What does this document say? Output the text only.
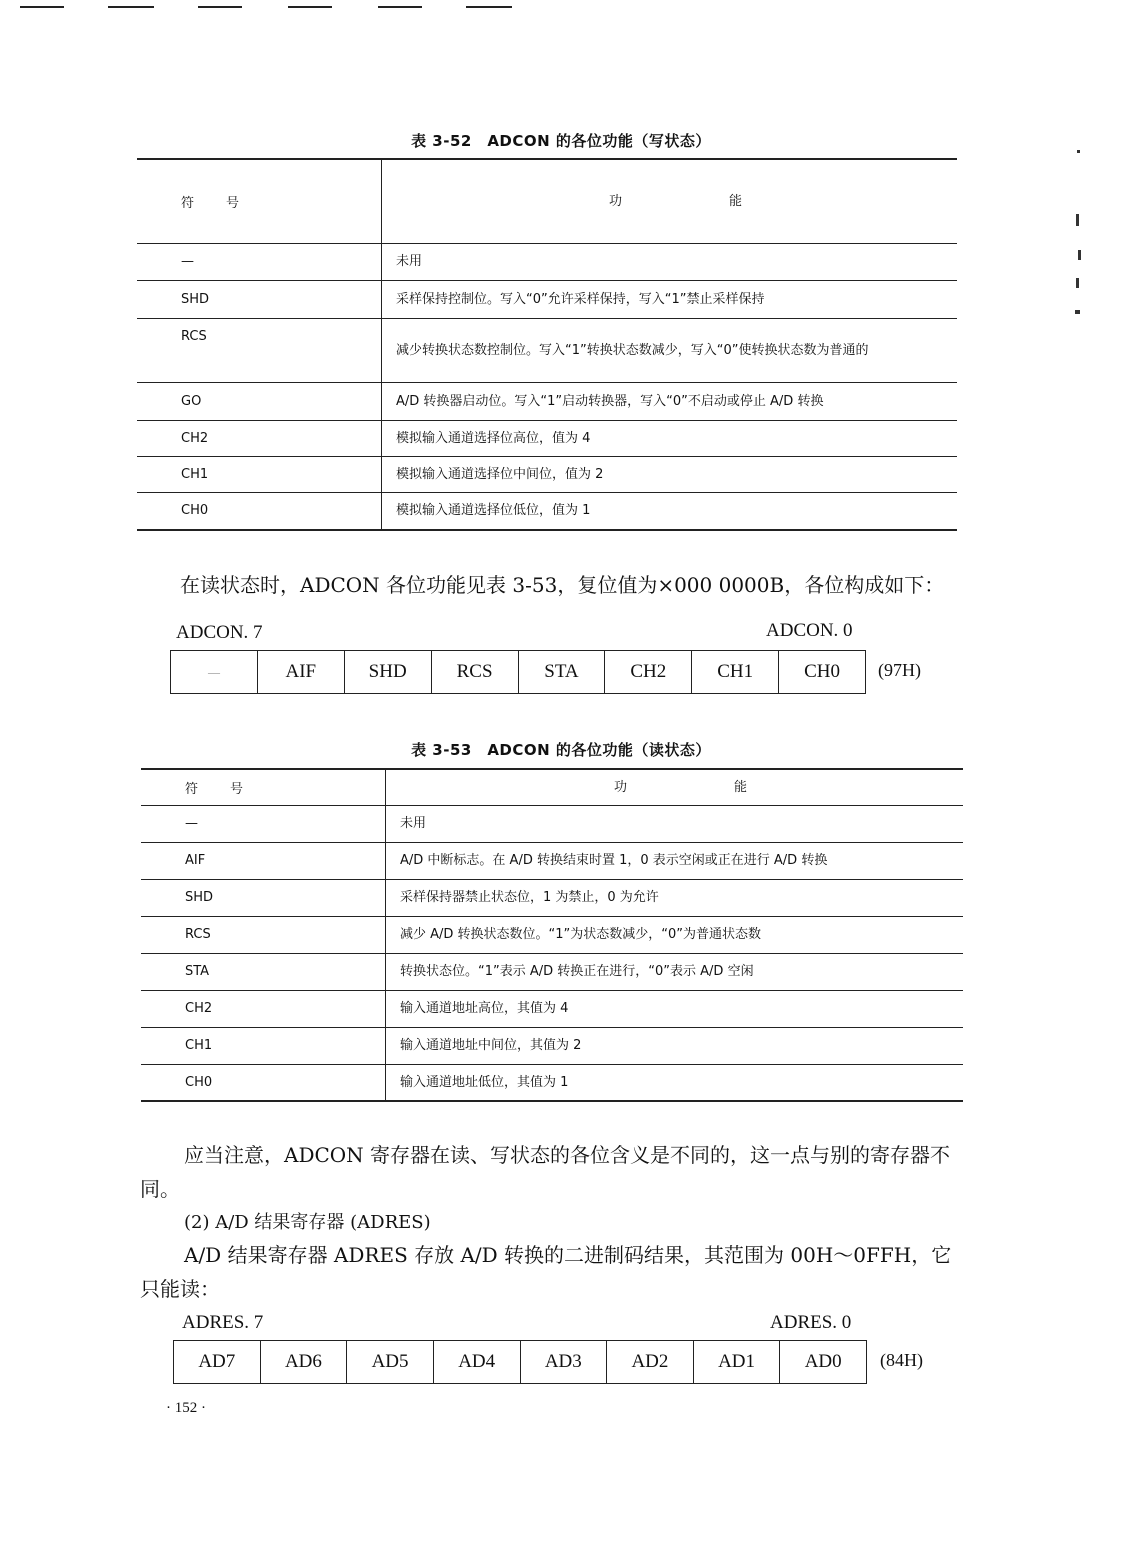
表 3-52　ADCON 的各位功能（写状态）
符　　号	功　　　　　　　能
—	未用
SHD	采样保持控制位。写入“0”允许采样保持，写入“1”禁止采样保持
RCS	减少转换状态数控制位。写入“1”转换状态数减少，写入“0”使转换状态数为普通的
GO	A/D 转换器启动位。写入“1”启动转换器，写入“0”不启动或停止 A/D 转换
CH2	模拟输入通道选择位高位，值为 4
CH1	模拟输入通道选择位中间位，值为 2
CH0	模拟输入通道选择位低位，值为 1
在读状态时，ADCON 各位功能见表 3-53，复位值为×000 0000B，各位构成如下：
ADCON. 7	ADCON. 0
—	AIF	SHD	RCS	STA	CH2	CH1	CH0	(97H)
表 3-53　ADCON 的各位功能（读状态）
符　　号	功　　　　　　　能
—	未用
AIF	A/D 中断标志。在 A/D 转换结束时置 1，0 表示空闲或正在进行 A/D 转换
SHD	采样保持器禁止状态位，1 为禁止，0 为允许
RCS	减少 A/D 转换状态数位。“1”为状态数减少，“0”为普通状态数
STA	转换状态位。“1”表示 A/D 转换正在进行，“0”表示 A/D 空闲
CH2	输入通道地址高位，其值为 4
CH1	输入通道地址中间位，其值为 2
CH0	输入通道地址低位，其值为 1
应当注意，ADCON 寄存器在读、写状态的各位含义是不同的，这一点与别的寄存器不同。
(2) A/D 结果寄存器 (ADRES)
A/D 结果寄存器 ADRES 存放 A/D 转换的二进制码结果，其范围为 00H～0FFH，它只能读：
ADRES. 7	ADRES. 0
AD7	AD6	AD5	AD4	AD3	AD2	AD1	AD0	(84H)
· 152 ·
